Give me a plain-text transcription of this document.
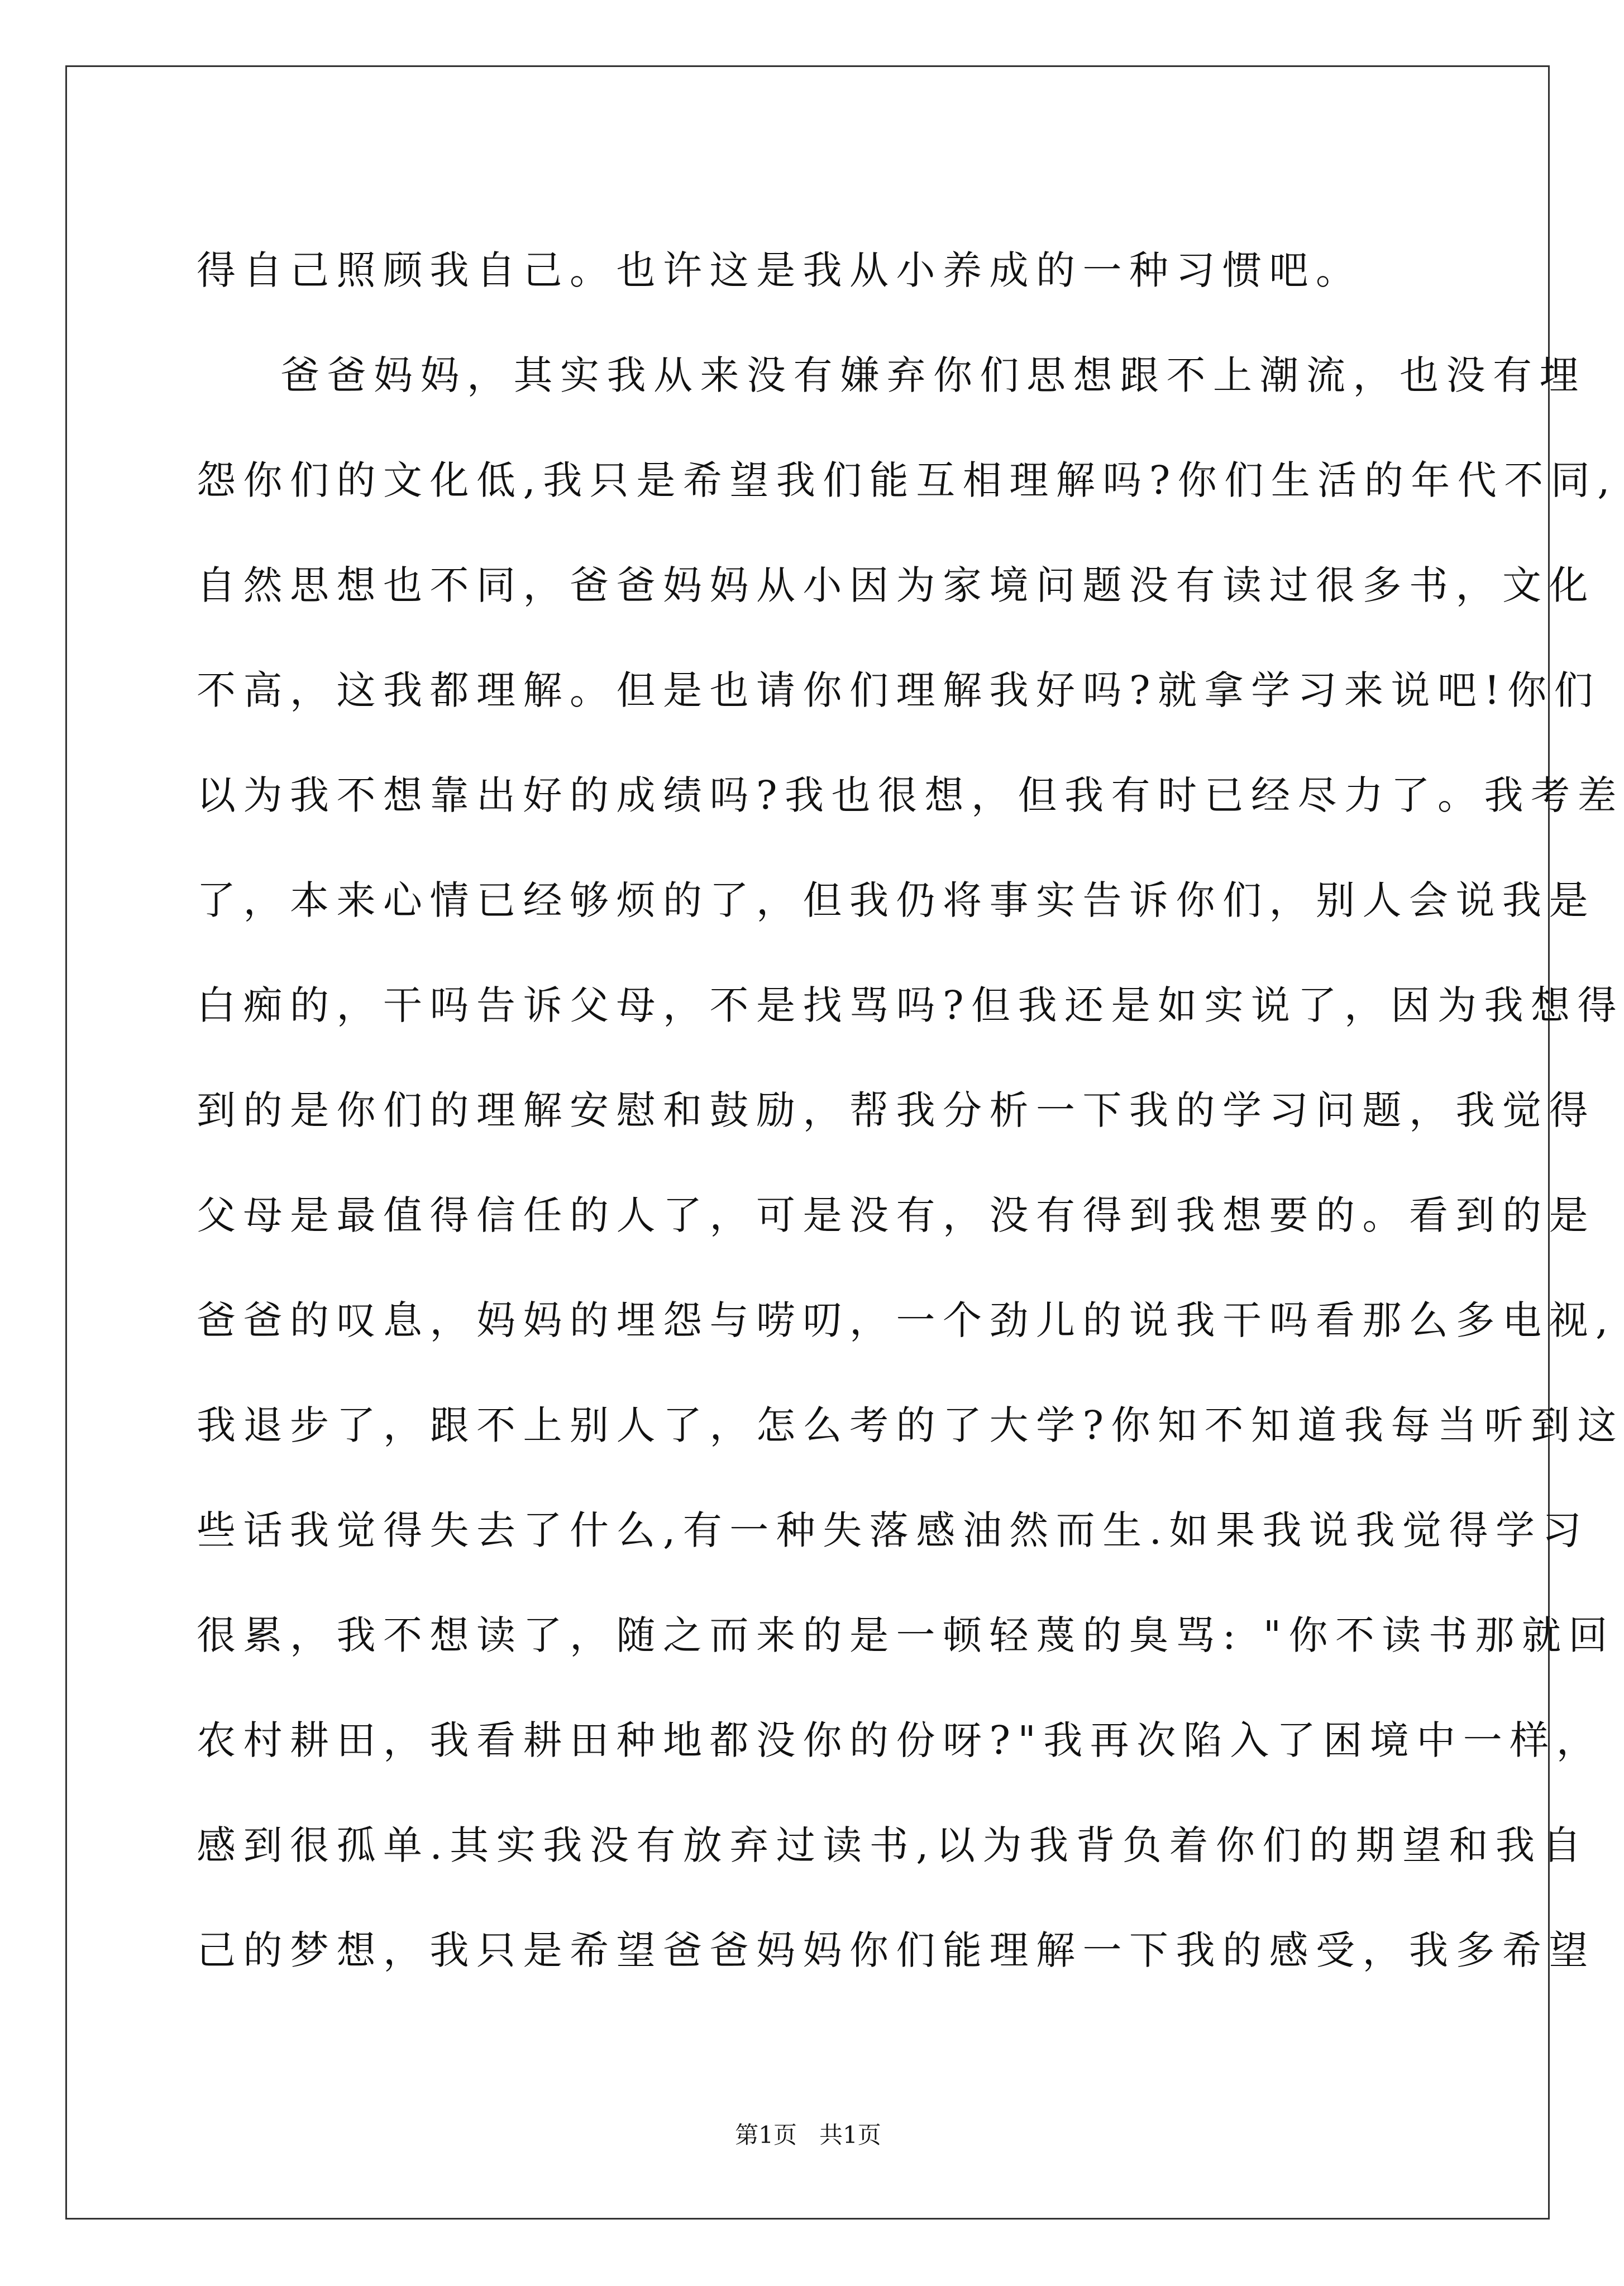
得自己照顾我自己。也许这是我从小养成的一种习惯吧。
爸爸妈妈，其实我从来没有嫌弃你们思想跟不上潮流，也没有埋
怨你们的文化低,我只是希望我们能互相理解吗?你们生活的年代不同,
自然思想也不同，爸爸妈妈从小因为家境问题没有读过很多书，文化
不高，这我都理解。但是也请你们理解我好吗?就拿学习来说吧!你们
以为我不想靠出好的成绩吗?我也很想，但我有时已经尽力了。我考差
了，本来心情已经够烦的了，但我仍将事实告诉你们，别人会说我是
白痴的，干吗告诉父母，不是找骂吗?但我还是如实说了，因为我想得
到的是你们的理解安慰和鼓励，帮我分析一下我的学习问题，我觉得
父母是最值得信任的人了，可是没有，没有得到我想要的。看到的是
爸爸的叹息，妈妈的埋怨与唠叨，一个劲儿的说我干吗看那么多电视,
我退步了，跟不上别人了，怎么考的了大学?你知不知道我每当听到这
些话我觉得失去了什么,有一种失落感油然而生.如果我说我觉得学习
很累，我不想读了，随之而来的是一顿轻蔑的臭骂: "你不读书那就回
农村耕田，我看耕田种地都没你的份呀?"我再次陷入了困境中一样，
感到很孤单.其实我没有放弃过读书,以为我背负着你们的期望和我自
己的梦想，我只是希望爸爸妈妈你们能理解一下我的感受，我多希望
第1页   共1页
